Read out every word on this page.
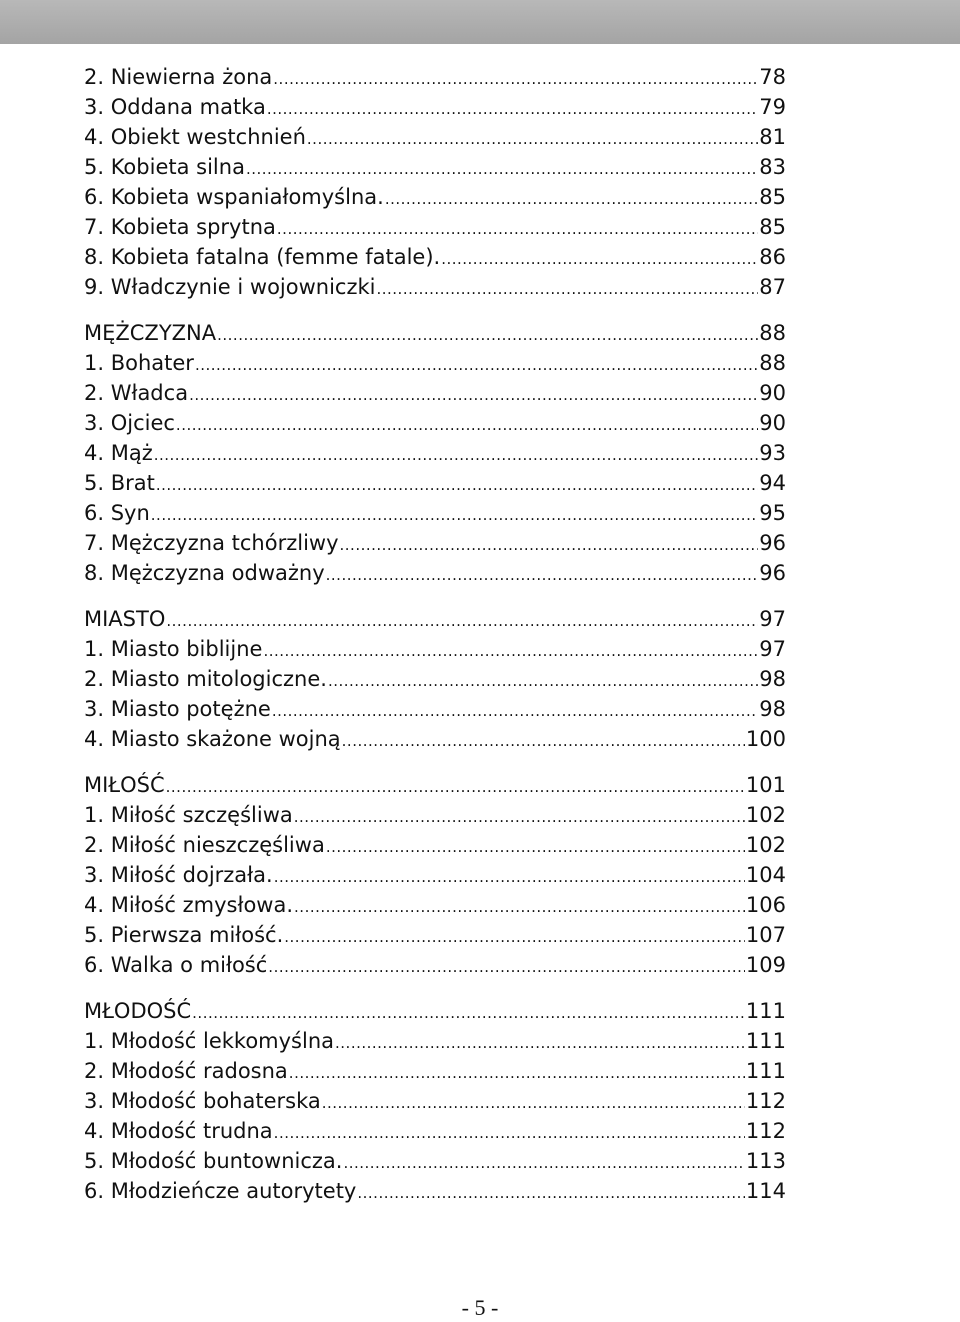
2. Niewierna żona .....	78
3. Oddana matka .....	79
4. Obiekt westchnień .....	81
5. Kobieta silna .....	83
6. Kobieta wspaniałomyślna. .....	85
7. Kobieta sprytna .....	85
8. Kobieta fatalna (femme fatale). .....	86
9. Władczynie i wojowniczki .....	87
MĘŻCZYZNA .....	88
1. Bohater .....	88
2. Władca .....	90
3. Ojciec .....	90
4. Mąż .....	93
5. Brat .....	94
6. Syn .....	95
7. Mężczyzna tchórzliwy .....	96
8. Mężczyzna odważny .....	96
MIASTO .....	97
1. Miasto biblijne .....	97
2. Miasto mitologiczne. .....	98
3. Miasto potężne .....	98
4. Miasto skażone wojną .....	100
MIŁOŚĆ .....	101
1. Miłość szczęśliwa .....	102
2. Miłość nieszczęśliwa .....	102
3. Miłość dojrzała. .....	104
4. Miłość zmysłowa. .....	106
5. Pierwsza miłość. .....	107
6. Walka o miłość .....	109
MŁODOŚĆ .....	111
1. Młodość lekkomyślna .....	111
2. Młodość radosna .....	111
3. Młodość bohaterska .....	112
4. Młodość trudna .....	112
5. Młodość buntownicza. .....	113
6. Młodzieńcze autorytety .....	114
- 5 -
